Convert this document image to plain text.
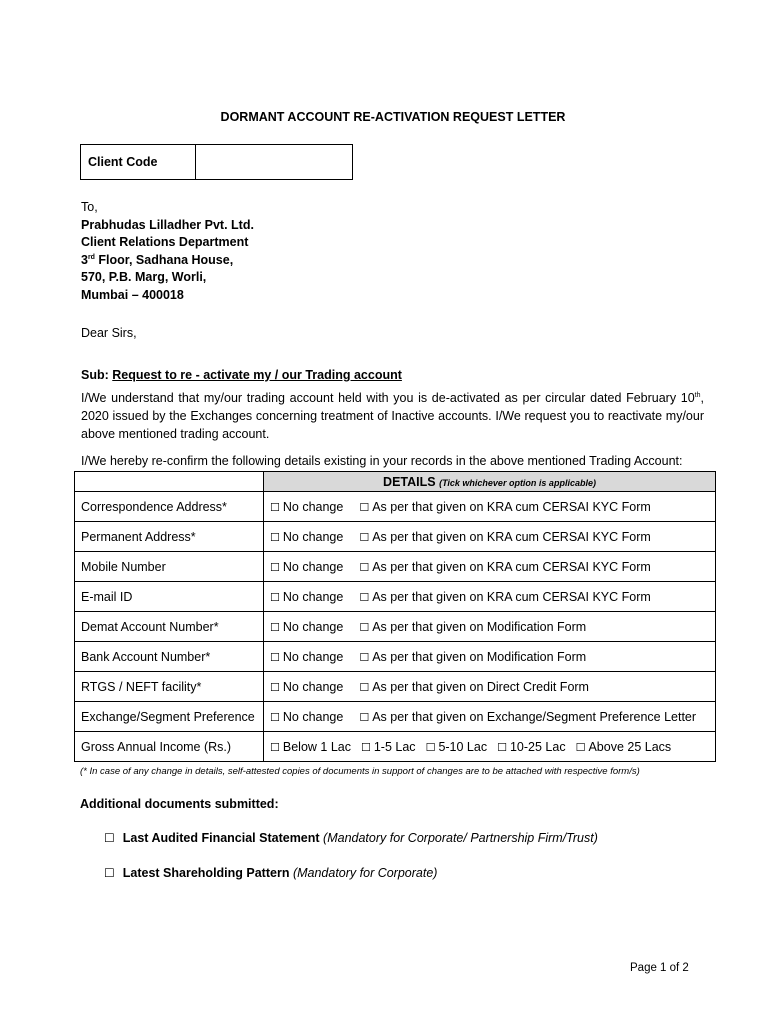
DORMANT ACCOUNT RE-ACTIVATION REQUEST LETTER
Client Code
To,
Prabhudas Lilladher Pvt. Ltd.
Client Relations Department
3rd Floor, Sadhana House,
570, P.B. Marg, Worli,
Mumbai – 400018
Dear Sirs,
Sub: Request to re - activate my / our Trading account
I/We understand that my/our trading account held with you is de-activated as per circular dated February 10th, 2020 issued by the Exchanges concerning treatment of Inactive accounts. I/We request you to reactivate my/our above mentioned trading account.
I/We hereby re-confirm the following details existing in your records in the above mentioned Trading Account:
	DETAILS (Tick whichever option is applicable)
Correspondence Address*	☐ No change ☐ As per that given on KRA cum CERSAI KYC Form
Permanent Address*	☐ No change ☐ As per that given on KRA cum CERSAI KYC Form
Mobile Number	☐ No change ☐ As per that given on KRA cum CERSAI KYC Form
E-mail ID	☐ No change ☐ As per that given on KRA cum CERSAI KYC Form
Demat Account Number*	☐ No change ☐ As per that given on Modification Form
Bank Account Number*	☐ No change ☐ As per that given on Modification Form
RTGS / NEFT facility*	☐ No change ☐ As per that given on Direct Credit Form
Exchange/Segment Preference	☐ No change ☐ As per that given on Exchange/Segment Preference Letter
Gross Annual Income (Rs.)	☐ Below 1 Lac ☐ 1-5 Lac ☐ 5-10 Lac ☐ 10-25 Lac ☐ Above 25 Lacs
(* In case of any change in details, self-attested copies of documents in support of changes are to be attached with respective form/s)
Additional documents submitted:
☐ Last Audited Financial Statement (Mandatory for Corporate/ Partnership Firm/Trust)
☐ Latest Shareholding Pattern (Mandatory for Corporate)
Page 1 of 2
